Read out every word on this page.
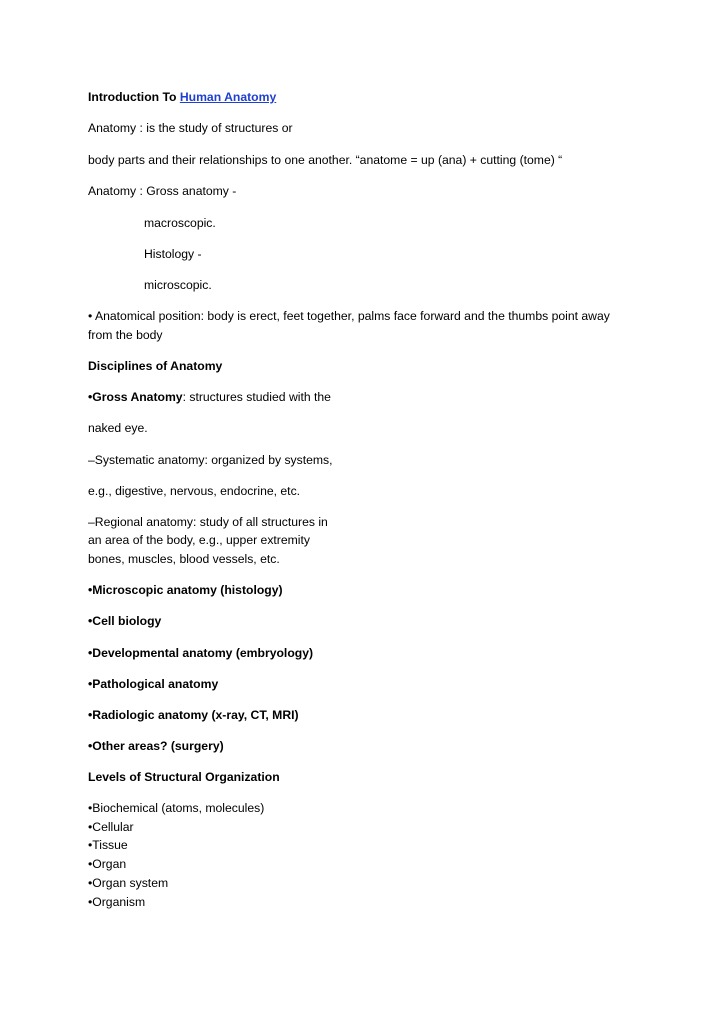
Introduction To Human Anatomy
Anatomy : is the study of structures or
body parts and their relationships to one another. “anatome = up (ana) + cutting (tome) “
Anatomy : Gross anatomy -
macroscopic.
Histology -
microscopic.
• Anatomical position: body is erect, feet together, palms face forward and the thumbs point away
from the body
Disciplines of Anatomy
•Gross Anatomy: structures studied with the
naked eye.
–Systematic anatomy: organized by systems,
e.g., digestive, nervous, endocrine, etc.
–Regional anatomy: study of all structures in
an area of the body, e.g., upper extremity
bones, muscles, blood vessels, etc.
•Microscopic anatomy (histology)
•Cell biology
•Developmental anatomy (embryology)
•Pathological anatomy
•Radiologic anatomy (x-ray, CT, MRI)
•Other areas? (surgery)
Levels of Structural Organization
•Biochemical (atoms, molecules)
•Cellular
•Tissue
•Organ
•Organ system
•Organism
